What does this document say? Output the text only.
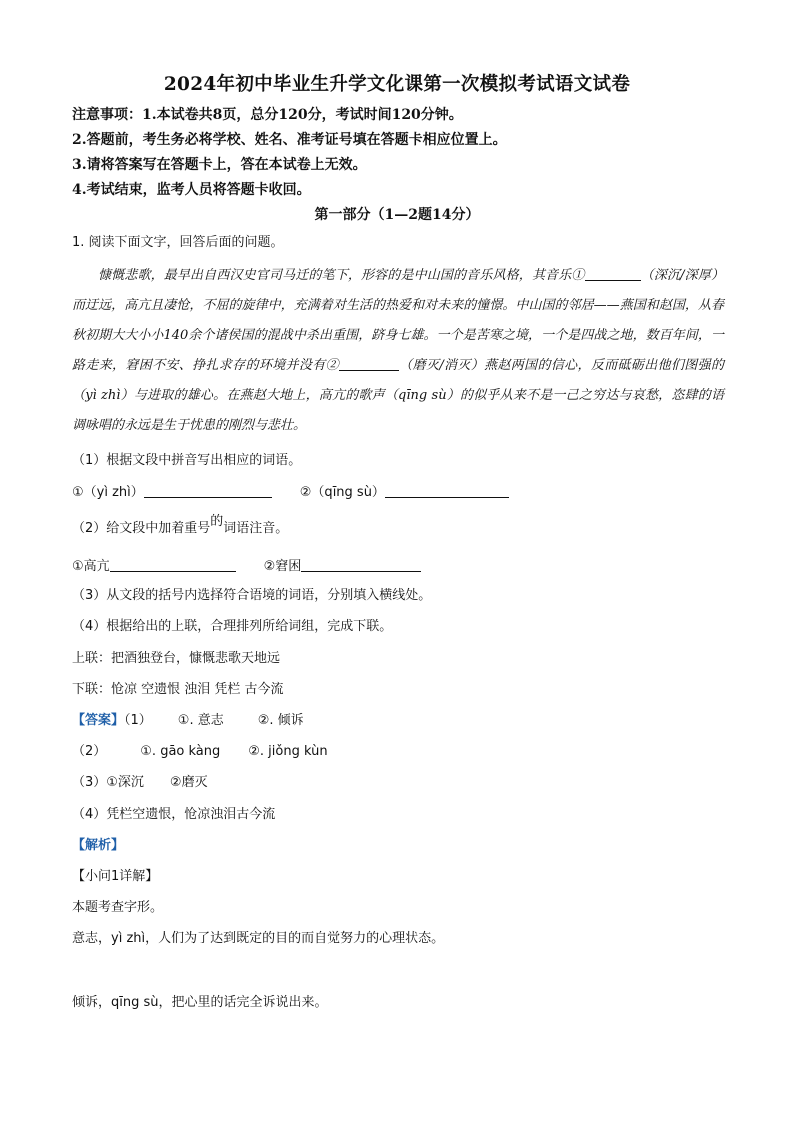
2024年初中毕业生升学文化课第一次模拟考试语文试卷
注意事项：1.本试卷共8页，总分120分，考试时间120分钟。
2.答题前，考生务必将学校、姓名、准考证号填在答题卡相应位置上。
3.请将答案写在答题卡上，答在本试卷上无效。
4.考试结束，监考人员将答题卡收回。
第一部分（1—2题14分）
1. 阅读下面文字，回答后面的问题。
慷慨悲歌，最早出自西汉史官司马迁的笔下，形容的是中山国的音乐风格，其音乐①	（深沉/深厚）而迂远，高亢且凄怆，不屈的旋律中，充满着对生活的热爱和对未来的憧憬。中山国的邻居——燕国和赵国，从春秋初期大大小小140余个诸侯国的混战中杀出重围，跻身七雄。一个是苦寒之境，一个是四战之地，数百年间，一路走来，窘困不安、挣扎求存的环境并没有②	（磨灭/消灭）燕赵两国的信心，反而砥砺出他们图强的（yì zhì）与进取的雄心。在燕赵大地上，高亢的歌声（qīng sù）的似乎从来不是一己之穷达与哀愁，恣肆的语调咏唱的永远是生于忧患的刚烈与悲壮。
（1）根据文段中拼音写出相应的词语。
①（yì zhì）	②（qīng sù）
（2）给文段中加着重号的词语注音。
①高亢	②窘困
（3）从文段的括号内选择符合语境的词语，分别填入横线处。
（4）根据给出的上联，合理排列所给词组，完成下联。
上联：把酒独登台，慷慨悲歌天地远
下联：怆凉 空遗恨 浊泪 凭栏 古今流
【答案】（1） ①. 意志	②. 倾诉
（2）	①. gāo kàng ②. jiǒng kùn
（3）①深沉　　②磨灭
（4）凭栏空遗恨，怆凉浊泪古今流
【解析】
【小问1详解】
本题考查字形。
意志，yì zhì，人们为了达到既定的目的而自觉努力的心理状态。
倾诉，qīng sù，把心里的话完全诉说出来。
